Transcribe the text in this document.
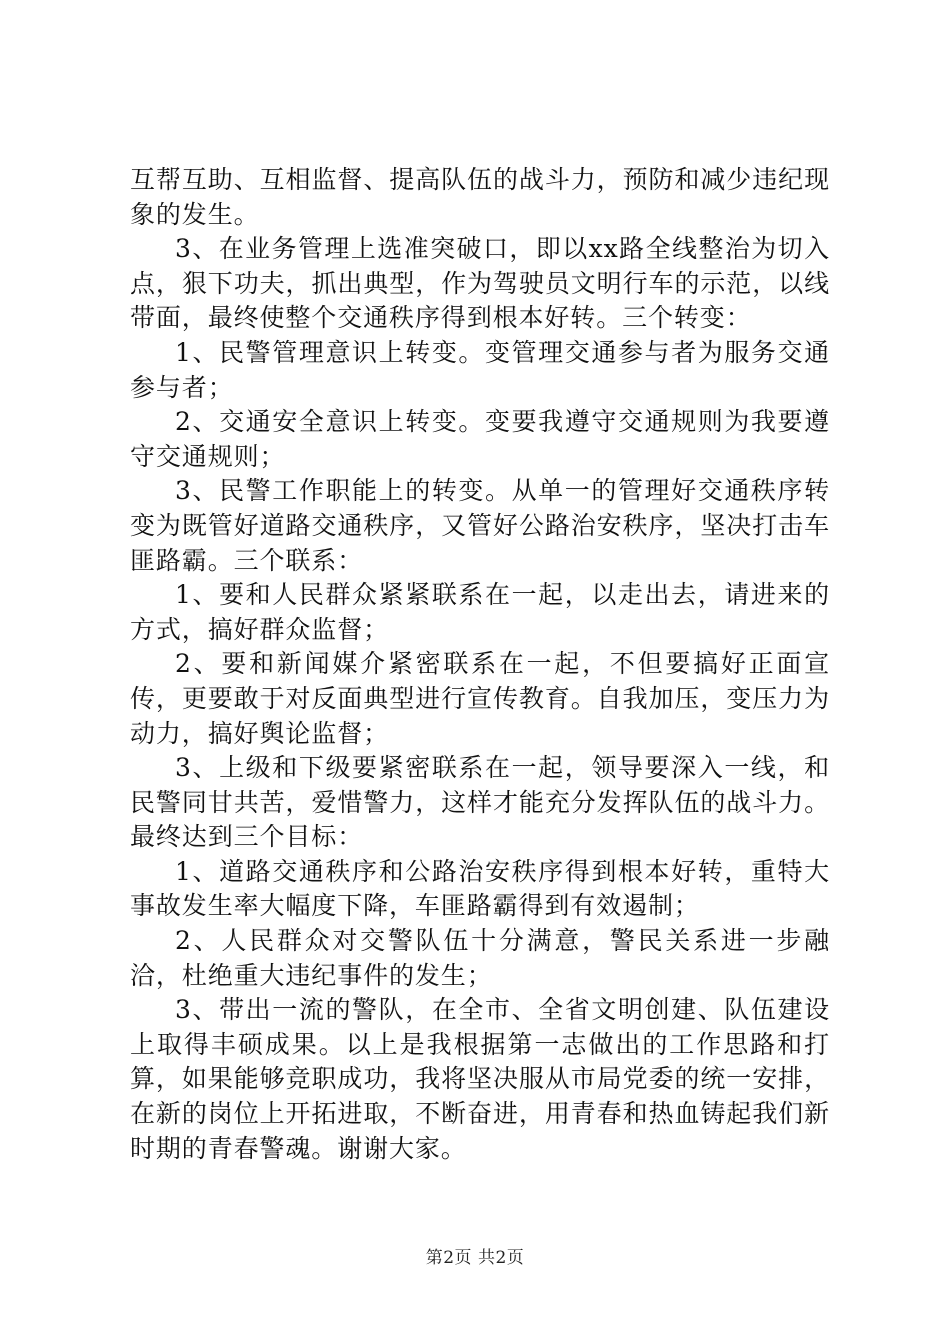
互帮互助、互相监督、提高队伍的战斗力，预防和减少违纪现象的发生。

3、在业务管理上选准突破口，即以xx路全线整治为切入点，狠下功夫，抓出典型，作为驾驶员文明行车的示范，以线带面，最终使整个交通秩序得到根本好转。三个转变：

1、民警管理意识上转变。变管理交通参与者为服务交通参与者；

2、交通安全意识上转变。变要我遵守交通规则为我要遵守交通规则；

3、民警工作职能上的转变。从单一的管理好交通秩序转变为既管好道路交通秩序，又管好公路治安秩序，坚决打击车匪路霸。三个联系：

1、要和人民群众紧紧联系在一起，以走出去，请进来的方式，搞好群众监督；

2、要和新闻媒介紧密联系在一起，不但要搞好正面宣传，更要敢于对反面典型进行宣传教育。自我加压，变压力为动力，搞好舆论监督；

3、上级和下级要紧密联系在一起，领导要深入一线，和民警同甘共苦，爱惜警力，这样才能充分发挥队伍的战斗力。最终达到三个目标：

1、道路交通秩序和公路治安秩序得到根本好转，重特大事故发生率大幅度下降，车匪路霸得到有效遏制；

2、人民群众对交警队伍十分满意，警民关系进一步融洽，杜绝重大违纪事件的发生；

3、带出一流的警队，在全市、全省文明创建、队伍建设上取得丰硕成果。以上是我根据第一志做出的工作思路和打算，如果能够竞职成功，我将坚决服从市局党委的统一安排，在新的岗位上开拓进取，不断奋进，用青春和热血铸起我们新时期的青春警魂。谢谢大家。

第2页 共2页
